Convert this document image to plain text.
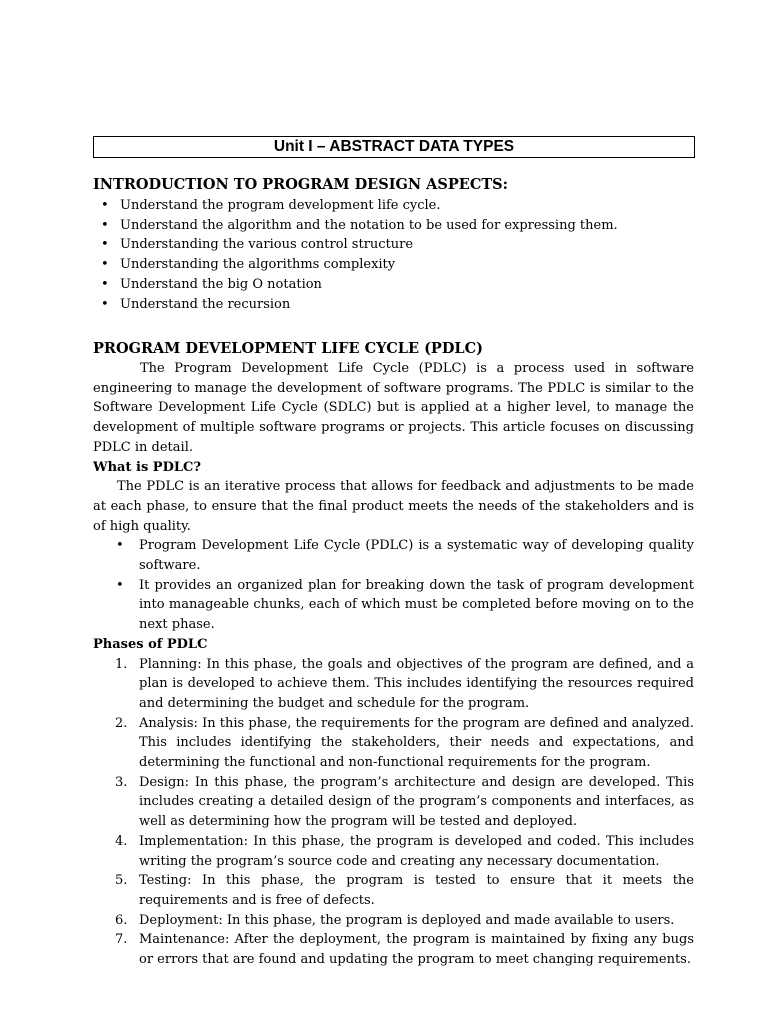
Unit I – ABSTRACT DATA TYPES
INTRODUCTION TO PROGRAM DESIGN ASPECTS:
• Understand the program development life cycle.
• Understand the algorithm and the notation to be used for expressing them.
• Understanding the various control structure
• Understanding the algorithms complexity
• Understand the big O notation
• Understand the recursion
PROGRAM DEVELOPMENT LIFE CYCLE (PDLC)

The Program Development Life Cycle (PDLC) is a process used in software engineering to manage the development of software programs. The PDLC is similar to the Software Development Life Cycle (SDLC) but is applied at a higher level, to manage the development of multiple software programs or projects. This article focuses on discussing PDLC in detail.

What is PDLC?

The PDLC is an iterative process that allows for feedback and adjustments to be made at each phase, to ensure that the final product meets the needs of the stakeholders and is of high quality.

• Program Development Life Cycle (PDLC) is a systematic way of developing quality software.
• It provides an organized plan for breaking down the task of program development into manageable chunks, each of which must be completed before moving on to the next phase.

Phases of PDLC

1. Planning: In this phase, the goals and objectives of the program are defined, and a plan is developed to achieve them. This includes identifying the resources required and determining the budget and schedule for the program.
2. Analysis: In this phase, the requirements for the program are defined and analyzed. This includes identifying the stakeholders, their needs and expectations, and determining the functional and non-functional requirements for the program.
3. Design: In this phase, the program’s architecture and design are developed. This includes creating a detailed design of the program’s components and interfaces, as well as determining how the program will be tested and deployed.
4. Implementation: In this phase, the program is developed and coded. This includes writing the program’s source code and creating any necessary documentation.
5. Testing: In this phase, the program is tested to ensure that it meets the requirements and is free of defects.
6. Deployment: In this phase, the program is deployed and made available to users.
7. Maintenance: After the deployment, the program is maintained by fixing any bugs or errors that are found and updating the program to meet changing requirements.
